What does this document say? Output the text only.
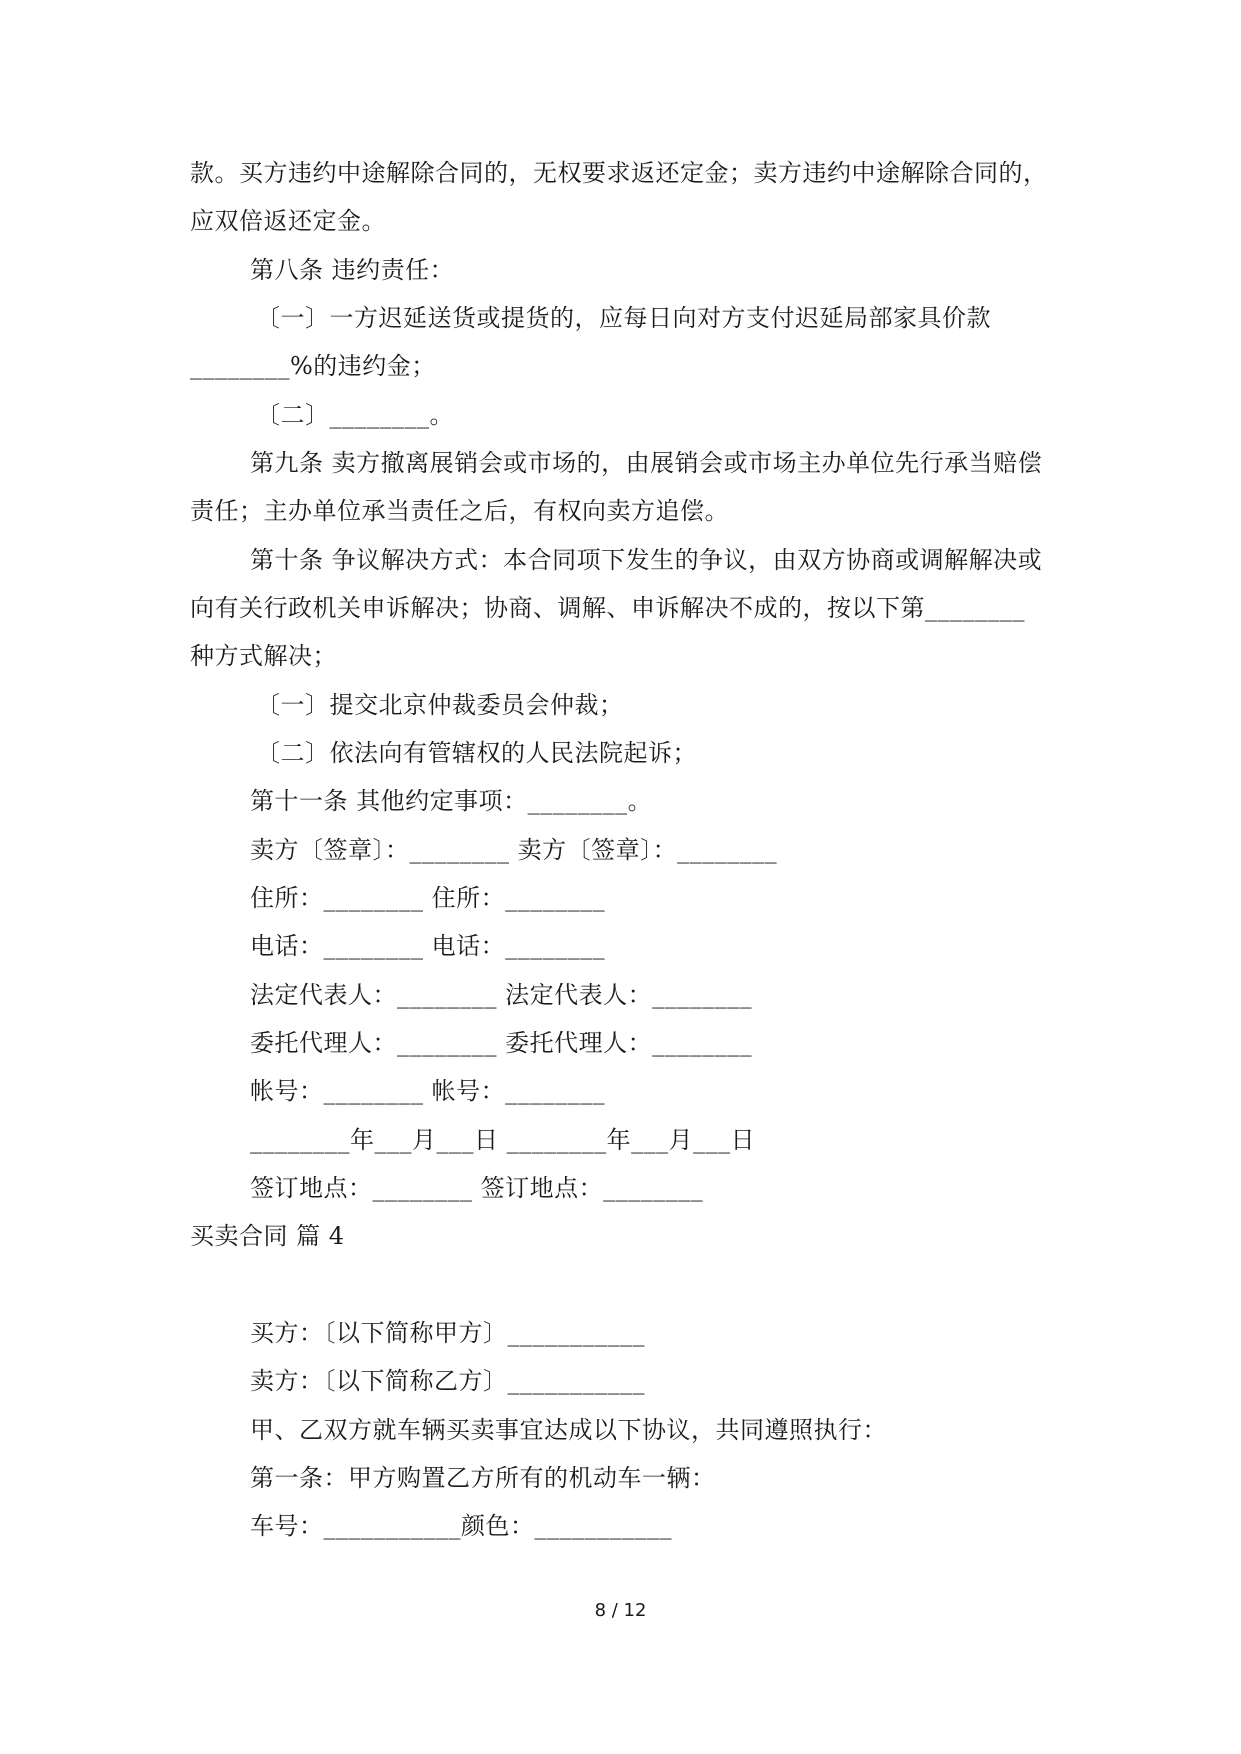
款。买方违约中途解除合同的，无权要求返还定金；卖方违约中途解除合同的，
应双倍返还定金。
第八条 违约责任：
〔一〕一方迟延送货或提货的，应每日向对方支付迟延局部家具价款
________%的违约金；
〔二〕________。
第九条 卖方撤离展销会或市场的，由展销会或市场主办单位先行承当赔偿
责任；主办单位承当责任之后，有权向卖方追偿。
第十条 争议解决方式：本合同项下发生的争议，由双方协商或调解解决或
向有关行政机关申诉解决；协商、调解、申诉解决不成的，按以下第________
种方式解决；
〔一〕提交北京仲裁委员会仲裁；
〔二〕依法向有管辖权的人民法院起诉；
第十一条 其他约定事项：________。
卖方〔签章〕：________ 卖方〔签章〕：________
住所：________ 住所：________
电话：________ 电话：________
法定代表人：________ 法定代表人：________
委托代理人：________ 委托代理人：________
帐号：________ 帐号：________
________年___月___日 ________年___月___日
签订地点：________ 签订地点：________
买卖合同 篇 4
买方：〔以下简称甲方〕___________
卖方：〔以下简称乙方〕___________
甲、乙双方就车辆买卖事宜达成以下协议，共同遵照执行：
第一条：甲方购置乙方所有的机动车一辆：
车号：___________颜色：___________
8 / 12
